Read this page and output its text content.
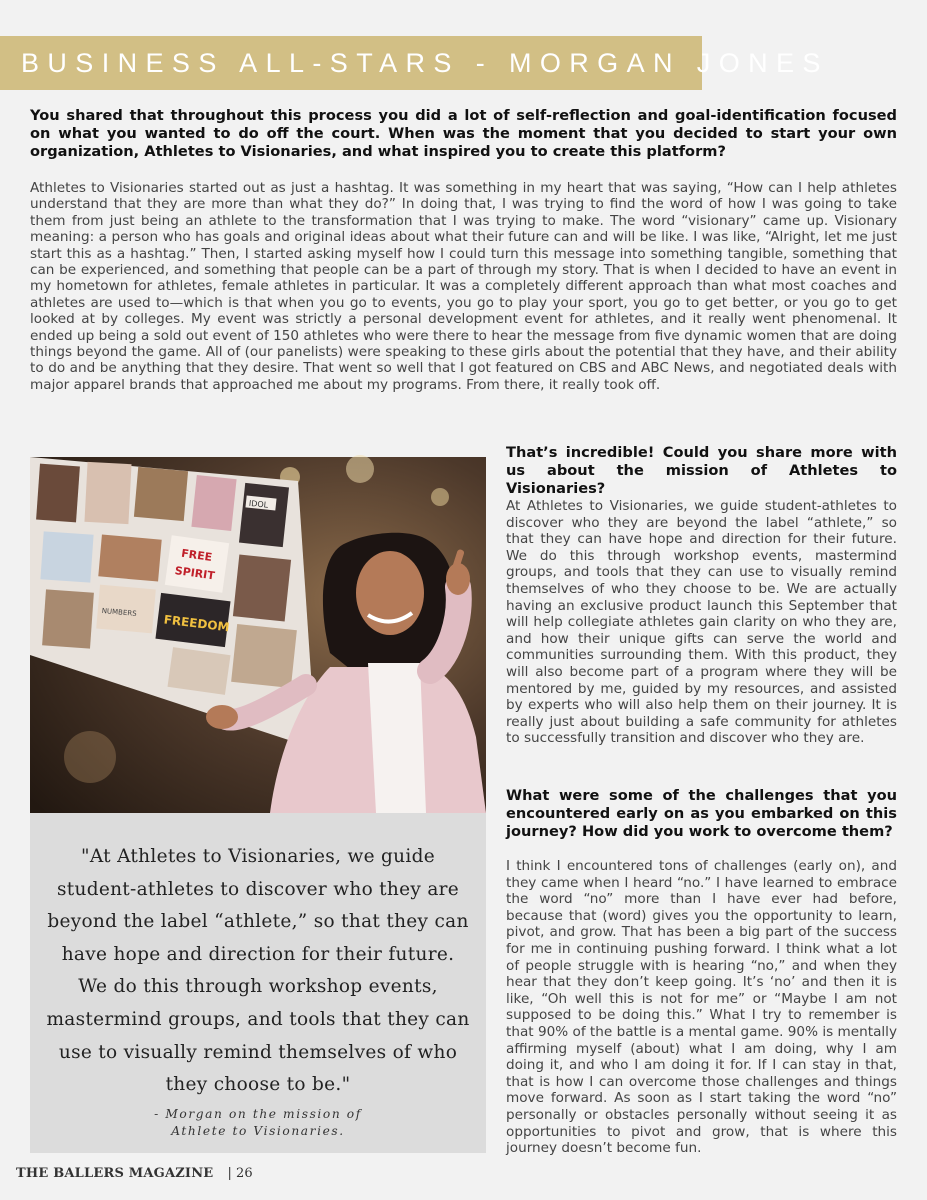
BUSINESS ALL-STARS - MORGAN JONES

You shared that throughout this process you did a lot of self-reflection and goal-identification focused on what you wanted to do off the court. When was the moment that you decided to start your own organization, Athletes to Visionaries, and what inspired you to create this platform?

Athletes to Visionaries started out as just a hashtag. It was something in my heart that was saying, “How can I help athletes understand that they are more than what they do?” In doing that, I was trying to find the word of how I was going to take them from just being an athlete to the transformation that I was trying to make. The word “visionary” came up. Visionary meaning: a person who has goals and original ideas about what their future can and will be like. I was like, “Alright, let me just start this as a hashtag.” Then, I started asking myself how I could turn this message into something tangible, something that can be experienced, and something that people can be a part of through my story. That is when I decided to have an event in my hometown for athletes, female athletes in particular. It was a completely different approach than what most coaches and athletes are used to—which is that when you go to events, you go to play your sport, you go to get better, or you go to get looked at by colleges. My event was strictly a personal development event for athletes, and it really went phenomenal. It ended up being a sold out event of 150 athletes who were there to hear the message from five dynamic women that are doing things beyond the game. All of (our panelists) were speaking to these girls about the potential that they have, and their ability to do and be anything that they desire. That went so well that I got featured on CBS and ABC News, and negotiated deals with major apparel brands that approached me about my programs. From there, it really took off.

FREE
SPIRIT
NUMBERS
FREEDOM
IDOL

"At Athletes to Visionaries, we guide student-athletes to discover who they are beyond the label “athlete,” so that they can have hope and direction for their future. We do this through workshop events, mastermind groups, and tools that they can use to visually remind themselves of who they choose to be."

- Morgan on the mission of
Athlete to Visionaries.

That’s incredible! Could you share more with us about the mission of Athletes to Visionaries?

At Athletes to Visionaries, we guide student-athletes to discover who they are beyond the label “athlete,” so that they can have hope and direction for their future. We do this through workshop events, mastermind groups, and tools that they can use to visually remind themselves of who they choose to be. We are actually having an exclusive product launch this September that will help collegiate athletes gain clarity on who they are, and how their unique gifts can serve the world and communities surrounding them. With this product, they will also become part of a program where they will be mentored by me, guided by my resources, and assisted by experts who will also help them on their journey. It is really just about building a safe community for athletes to successfully transition and discover who they are.

What were some of the challenges that you encountered early on as you embarked on this journey? How did you work to overcome them?

I think I encountered tons of challenges (early on), and they came when I heard “no.” I have learned to embrace the word “no” more than I have ever had before, because that (word) gives you the opportunity to learn, pivot, and grow. That has been a big part of the success for me in continuing pushing forward. I think what a lot of people struggle with is hearing “no,” and when they hear that they don’t keep going. It’s ‘no’ and then it is like, “Oh well this is not for me” or “Maybe I am not supposed to be doing this.” What I try to remember is that 90% of the battle is a mental game. 90% is mentally affirming myself (about) what I am doing, why I am doing it, and who I am doing it for. If I can stay in that, that is how I can overcome those challenges and things move forward. As soon as I start taking the word “no” personally or obstacles personally without seeing it as opportunities to pivot and grow, that is where this journey doesn’t become fun.

THE BALLERS MAGAZINE | 26
